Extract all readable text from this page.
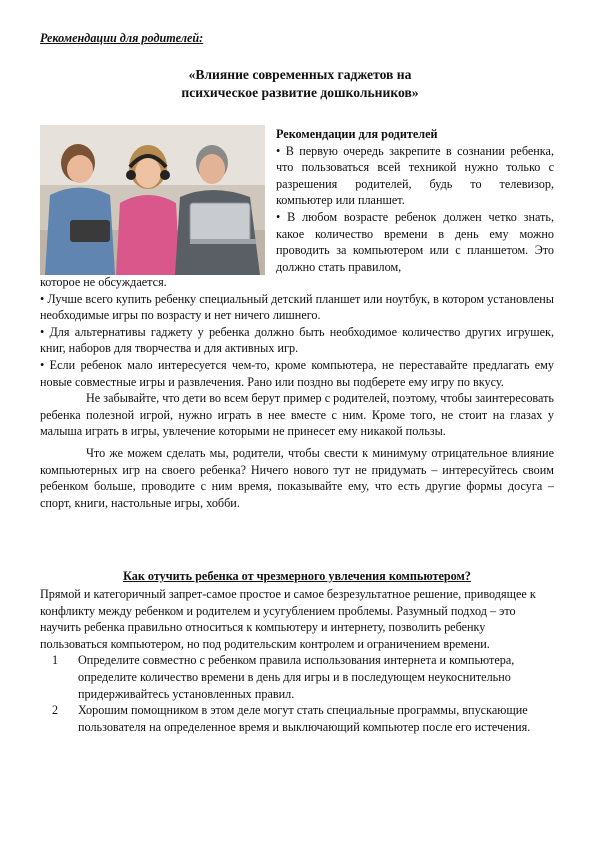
Рекомендации для родителей:
«Влияние современных гаджетов на
психическое развитие дошкольников»

Рекомендации для родителей

• В первую очередь закрепите в сознании ребенка, что пользоваться всей техникой нужно только с разрешения родителей, будь то телевизор, компьютер или планшет.

• В любом возрасте ребенок должен четко знать, какое количество времени в день ему можно проводить за компьютером или с планшетом. Это должно стать правилом,

которое не обсуждается.

• Лучше всего купить ребенку специальный детский планшет или ноутбук, в котором установлены необходимые игры по возрасту и нет ничего лишнего.

• Для альтернативы гаджету у ребенка должно быть необходимое количество других игрушек, книг, наборов для творчества и для активных игр.

• Если ребенок мало интересуется чем-то, кроме компьютера, не переставайте предлагать ему новые совместные игры и развлечения. Рано или поздно вы подберете ему игру по вкусу.

Не забывайте, что дети во всем берут пример с родителей, поэтому, чтобы заинтересовать ребенка полезной игрой, нужно играть в нее вместе с ним. Кроме того, не стоит на глазах у малыша играть в игры, увлечение которыми не принесет ему никакой пользы.

Что же можем сделать мы, родители, чтобы свести к минимуму отрицательное влияние компьютерных игр на своего ребенка? Ничего нового тут не придумать – интересуйтесь своим ребенком больше, проводите с ним время, показывайте ему, что есть другие формы досуга – спорт, книги, настольные игры, хобби.

Как отучить ребенка от чрезмерного увлечения компьютером?

Прямой и категоричный запрет-самое простое и самое безрезультатное решение, приводящее к конфликту между ребенком и родителем и усугублением проблемы. Разумный подход – это научить ребенка правильно относиться к компьютеру и интернету, позволить ребенку пользоваться компьютером, но под родительским контролем и ограничением времени.

1 Определите совместно с ребенком правила использования интернета и компьютера, определите количество времени в день для игры и в последующем неукоснительно придерживайтесь установленных правил.
2 Хорошим помощником в этом деле могут стать специальные программы, впускающие пользователя на определенное время и выключающий компьютер после его истечения.
